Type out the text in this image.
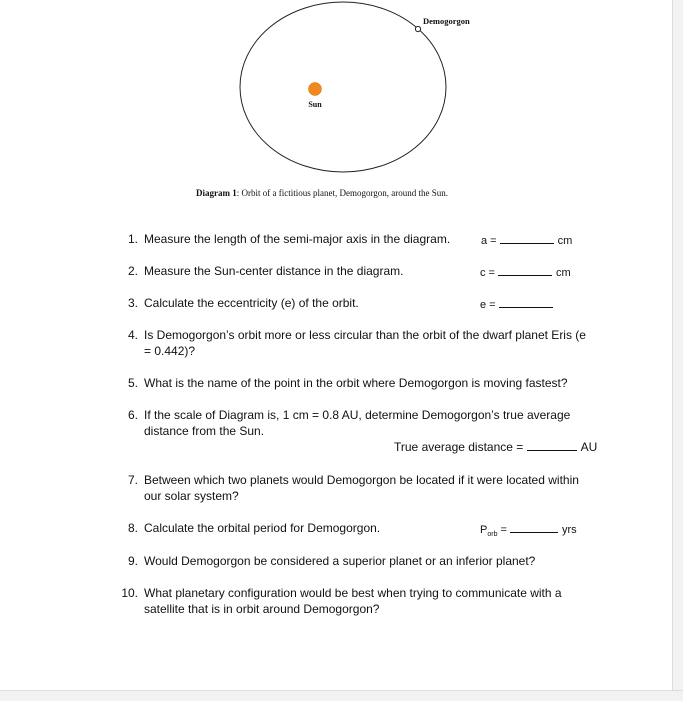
Demogorgon
Sun
Diagram 1: Orbit of a fictitious planet, Demogorgon, around the Sun.
1. Measure the length of the semi-major axis in the diagram.	a =	cm
2. Measure the Sun-center distance in the diagram.	c =	cm
3. Calculate the eccentricity (e) of the orbit.	e =
4. Is Demogorgon’s orbit more or less circular than the orbit of the dwarf planet Eris (e
= 0.442)?
5. What is the name of the point in the orbit where Demogorgon is moving fastest?
6. If the scale of Diagram is, 1 cm = 0.8 AU, determine Demogorgon’s true average
distance from the Sun.
True average distance =	AU
7. Between which two planets would Demogorgon be located if it were located within
our solar system?
8. Calculate the orbital period for Demogorgon.	$P_{orb}$ =	yrs
9. Would Demogorgon be considered a superior planet or an inferior planet?
10. What planetary configuration would be best when trying to communicate with a
satellite that is in orbit around Demogorgon?
